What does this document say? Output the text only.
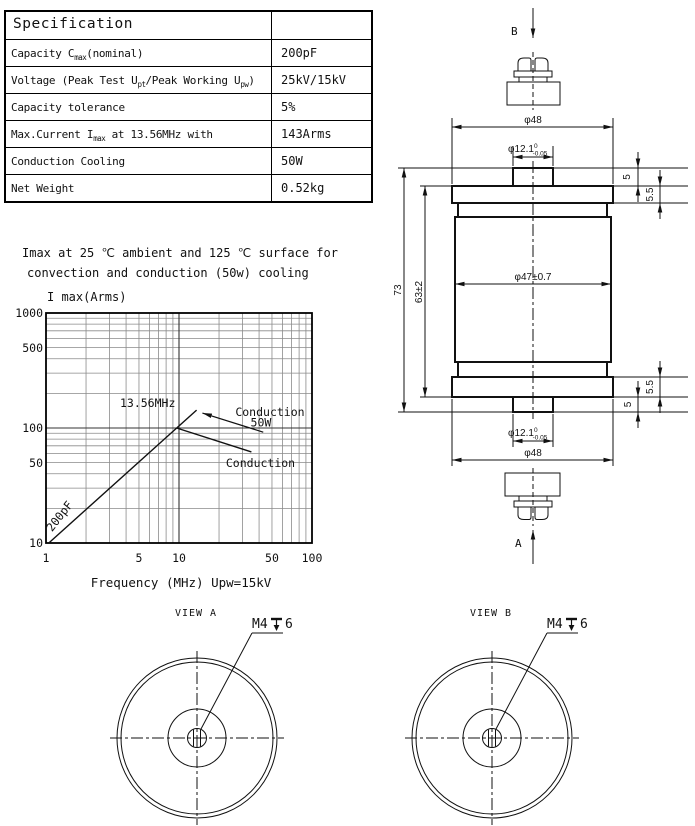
Specification
Capacity $C_{max}(nominal)$	200pF
Voltage (Peak Test $U_{pt}$/Peak Working $U_{pw}$)	25kV/15kV
Capacity tolerance	5%
Max.Current $I_{max}$ at 13.56MHz with	143Arms
Conduction Cooling	50W
Net Weight	0.52kg
Imax at 25 ℃ ambient and 125 ℃ surface for
convection and conduction (50w) cooling
I max(Arms)
Frequency (MHz) Upw=15kV
1	5	10	50 100
10
50
100
500
1000
13.56MHz
Conduction
50W
Conduction
200pF
B
φ48
φ12.1$^0$ -0.05
φ47±0.7
73 63±2
5
5.5
5.5
5
φ12.1$^0$ -0.05
φ48
A
VIEW A
M4 6
VIEW B
M4 6
